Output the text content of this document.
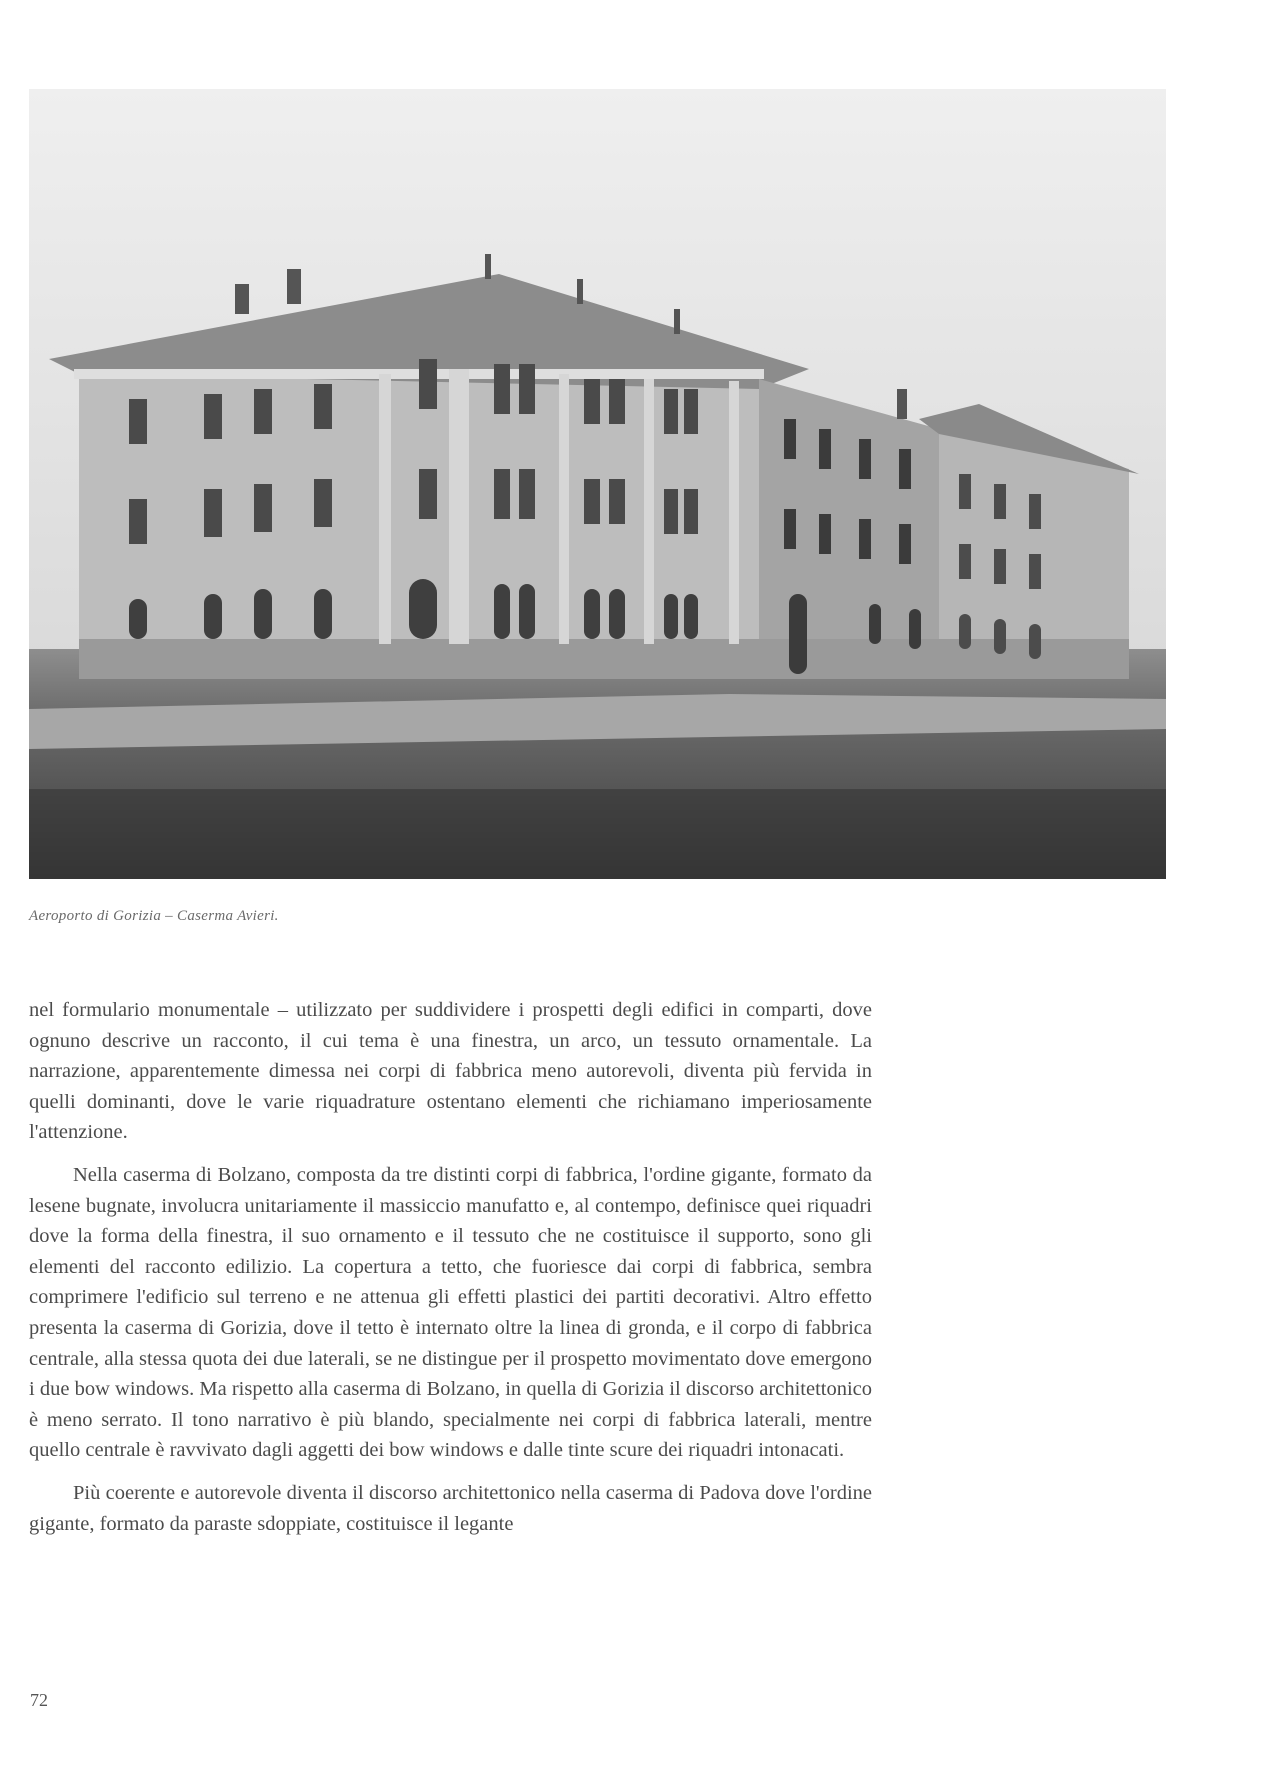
Aeroporto di Gorizia – Caserma Avieri.

nel formulario monumentale – utilizzato per suddividere i prospetti degli edifici in comparti, dove ognuno descrive un racconto, il cui tema è una finestra, un arco, un tessuto ornamentale. La narrazione, apparentemente dimessa nei corpi di fabbrica meno autorevoli, diventa più fervida in quelli dominanti, dove le varie riquadrature ostentano elementi che richiamano imperiosamente l'attenzione.

Nella caserma di Bolzano, composta da tre distinti corpi di fabbrica, l'ordine gigante, formato da lesene bugnate, involucra unitariamente il massiccio manufatto e, al contempo, definisce quei riquadri dove la forma della finestra, il suo ornamento e il tessuto che ne costituisce il supporto, sono gli elementi del racconto edilizio. La copertura a tetto, che fuoriesce dai corpi di fabbrica, sembra comprimere l'edificio sul terreno e ne attenua gli effetti plastici dei partiti decorativi. Altro effetto presenta la caserma di Gorizia, dove il tetto è internato oltre la linea di gronda, e il corpo di fabbrica centrale, alla stessa quota dei due laterali, se ne distingue per il prospetto movimentato dove emergono i due bow windows. Ma rispetto alla caserma di Bolzano, in quella di Gorizia il discorso architettonico è meno serrato. Il tono narrativo è più blando, specialmente nei corpi di fabbrica laterali, mentre quello centrale è ravvivato dagli aggetti dei bow windows e dalle tinte scure dei riquadri intonacati.

Più coerente e autorevole diventa il discorso architettonico nella caserma di Padova dove l'ordine gigante, formato da paraste sdoppiate, costituisce il legante

72
